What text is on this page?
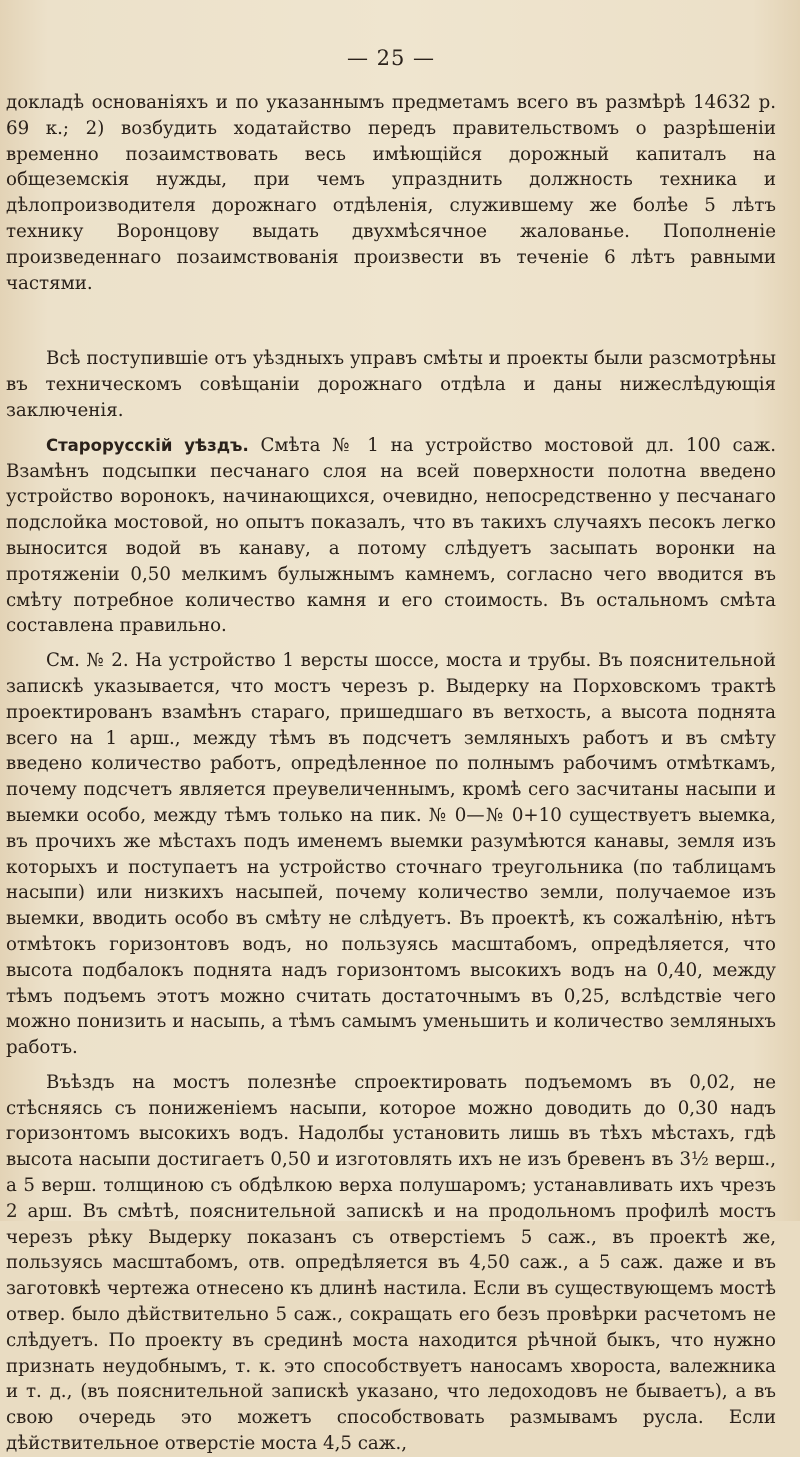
— 25 —

докладѣ основаніяхъ и по указаннымъ предметамъ всего въ размѣрѣ 14632 р. 69 к.; 2) возбудить ходатайство передъ правительствомъ о разрѣшеніи временно позаимствовать весь имѣющійся дорожный капиталъ на общеземскія нужды, при чемъ упразднить должность техника и дѣлопроизводителя дорожнаго отдѣленія, служившему же болѣе 5 лѣтъ технику Воронцову выдать двухмѣсячное жалованье. Пополненіе произведеннаго позаимствованія произвести въ теченіе 6 лѣтъ равными частями.

Всѣ поступившіе отъ уѣздныхъ управъ смѣты и проекты были разсмотрѣны въ техническомъ совѣщаніи дорожнаго отдѣла и даны нижеслѣдующія заключенія.

Старорусскій уѣздъ. Смѣта № 1 на устройство мостовой дл. 100 саж. Взамѣнъ подсыпки песчанаго слоя на всей поверхности полотна введено устройство воронокъ, начинающихся, очевидно, непосредственно у песчанаго подслойка мостовой, но опытъ показалъ, что въ такихъ случаяхъ песокъ легко выносится водой въ канаву, а потому слѣдуетъ засыпать воронки на протяженіи 0,50 мелкимъ булыжнымъ камнемъ, согласно чего вводится въ смѣту потребное количество камня и его стоимость. Въ остальномъ смѣта составлена правильно.

См. № 2. На устройство 1 версты шоссе, моста и трубы. Въ пояснительной запискѣ указывается, что мостъ черезъ р. Выдерку на Порховскомъ трактѣ проектированъ взамѣнъ стараго, пришедшаго въ ветхость, а высота поднята всего на 1 арш., между тѣмъ въ подсчетъ земляныхъ работъ и въ смѣту введено количество работъ, опредѣленное по полнымъ рабочимъ отмѣткамъ, почему подсчетъ является преувеличеннымъ, кромѣ сего засчитаны насыпи и выемки особо, между тѣмъ только на пик. № 0—№ 0+10 существуетъ выемка, въ прочихъ же мѣстахъ подъ именемъ выемки разумѣются канавы, земля изъ которыхъ и поступаетъ на устройство сточнаго треугольника (по таблицамъ насыпи) или низкихъ насыпей, почему количество земли, получаемое изъ выемки, вводить особо въ смѣту не слѣдуетъ. Въ проектѣ, къ сожалѣнію, нѣтъ отмѣтокъ горизонтовъ водъ, но пользуясь масштабомъ, опредѣляется, что высота подбалокъ поднята надъ горизонтомъ высокихъ водъ на 0,40, между тѣмъ подъемъ этотъ можно считать достаточнымъ въ 0,25, вслѣдствіе чего можно понизить и насыпь, а тѣмъ самымъ уменьшить и количество земляныхъ работъ.

Въѣздъ на мостъ полезнѣе спроектировать подъемомъ въ 0,02, не стѣсняясь съ пониженіемъ насыпи, которое можно доводить до 0,30 надъ горизонтомъ высокихъ водъ. Надолбы установить лишь въ тѣхъ мѣстахъ, гдѣ высота насыпи достигаетъ 0,50 и изготовлять ихъ не изъ бревенъ въ 3½ верш., а 5 верш. толщиною съ обдѣлкою верха полушаромъ; устанавливать ихъ чрезъ 2 арш. Въ смѣтѣ, пояснительной запискѣ и на продольномъ профилѣ мостъ черезъ рѣку Выдерку показанъ съ отверстіемъ 5 саж., въ проектѣ же, пользуясь масштабомъ, отв. опредѣляется въ 4,50 саж., а 5 саж. даже и въ заготовкѣ чертежа отнесено къ длинѣ настила. Если въ существующемъ мостѣ отвер. было дѣйствительно 5 саж., сокращать его безъ провѣрки расчетомъ не слѣдуетъ. По проекту въ срединѣ моста находится рѣчной быкъ, что нужно признать неудобнымъ, т. к. это способствуетъ наносамъ хвороста, валежника и т. д., (въ пояснительной запискѣ указано, что ледоходовъ не бываетъ), а въ свою очередь это можетъ способствовать размывамъ русла. Если дѣйствительное отверстіе моста 4,5 саж.,
